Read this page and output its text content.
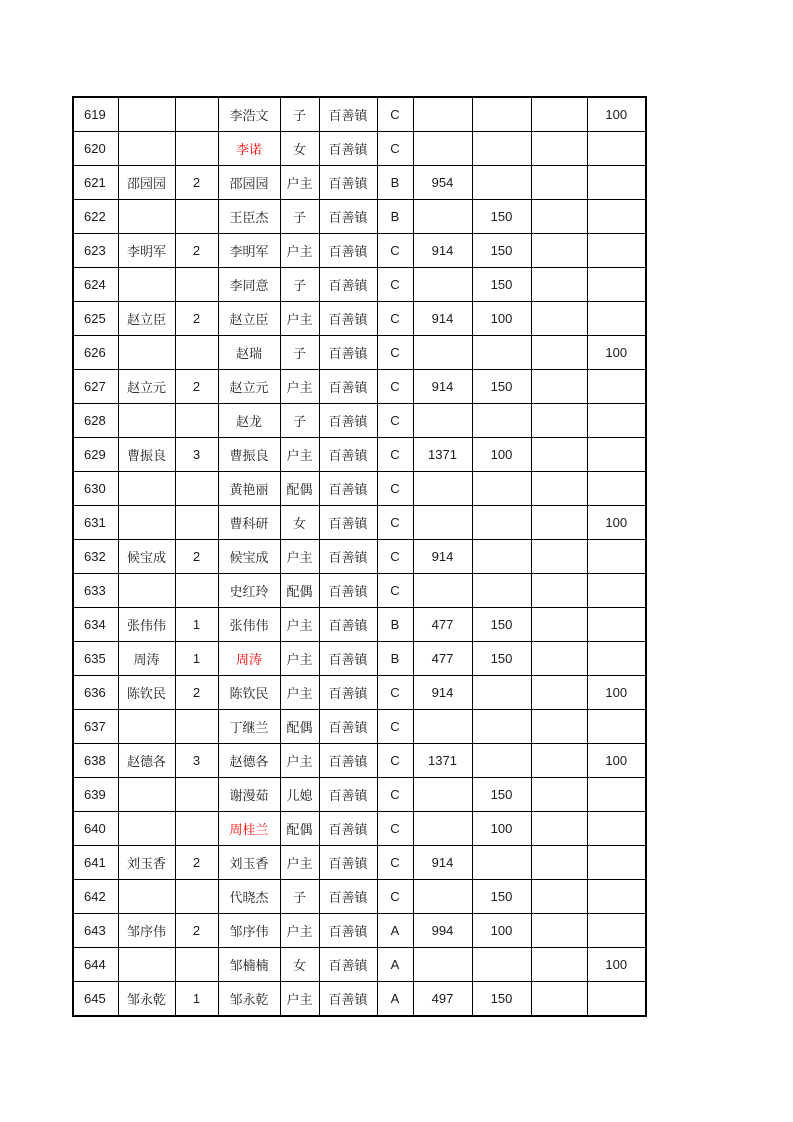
619			李浩文	子	百善镇	C				100
620			李诺	女	百善镇	C				
621	邵园园	2	邵园园	户主	百善镇	B	954			
622			王臣杰	子	百善镇	B		150		
623	李明军	2	李明军	户主	百善镇	C	914	150		
624			李同意	子	百善镇	C		150		
625	赵立臣	2	赵立臣	户主	百善镇	C	914	100		
626			赵瑞	子	百善镇	C				100
627	赵立元	2	赵立元	户主	百善镇	C	914	150		
628			赵龙	子	百善镇	C				
629	曹振良	3	曹振良	户主	百善镇	C	1371	100		
630			黄艳丽	配偶	百善镇	C				
631			曹科研	女	百善镇	C				100
632	候宝成	2	候宝成	户主	百善镇	C	914			
633			史红玲	配偶	百善镇	C				
634	张伟伟	1	张伟伟	户主	百善镇	B	477	150		
635	周涛	1	周涛	户主	百善镇	B	477	150		
636	陈钦民	2	陈钦民	户主	百善镇	C	914			100
637			丁继兰	配偶	百善镇	C				
638	赵德各	3	赵德各	户主	百善镇	C	1371			100
639			谢漫茹	儿媳	百善镇	C		150		
640			周桂兰	配偶	百善镇	C		100		
641	刘玉香	2	刘玉香	户主	百善镇	C	914			
642			代晓杰	子	百善镇	C		150		
643	邹序伟	2	邹序伟	户主	百善镇	A	994	100		
644			邹楠楠	女	百善镇	A				100
645	邹永乾	1	邹永乾	户主	百善镇	A	497	150		
